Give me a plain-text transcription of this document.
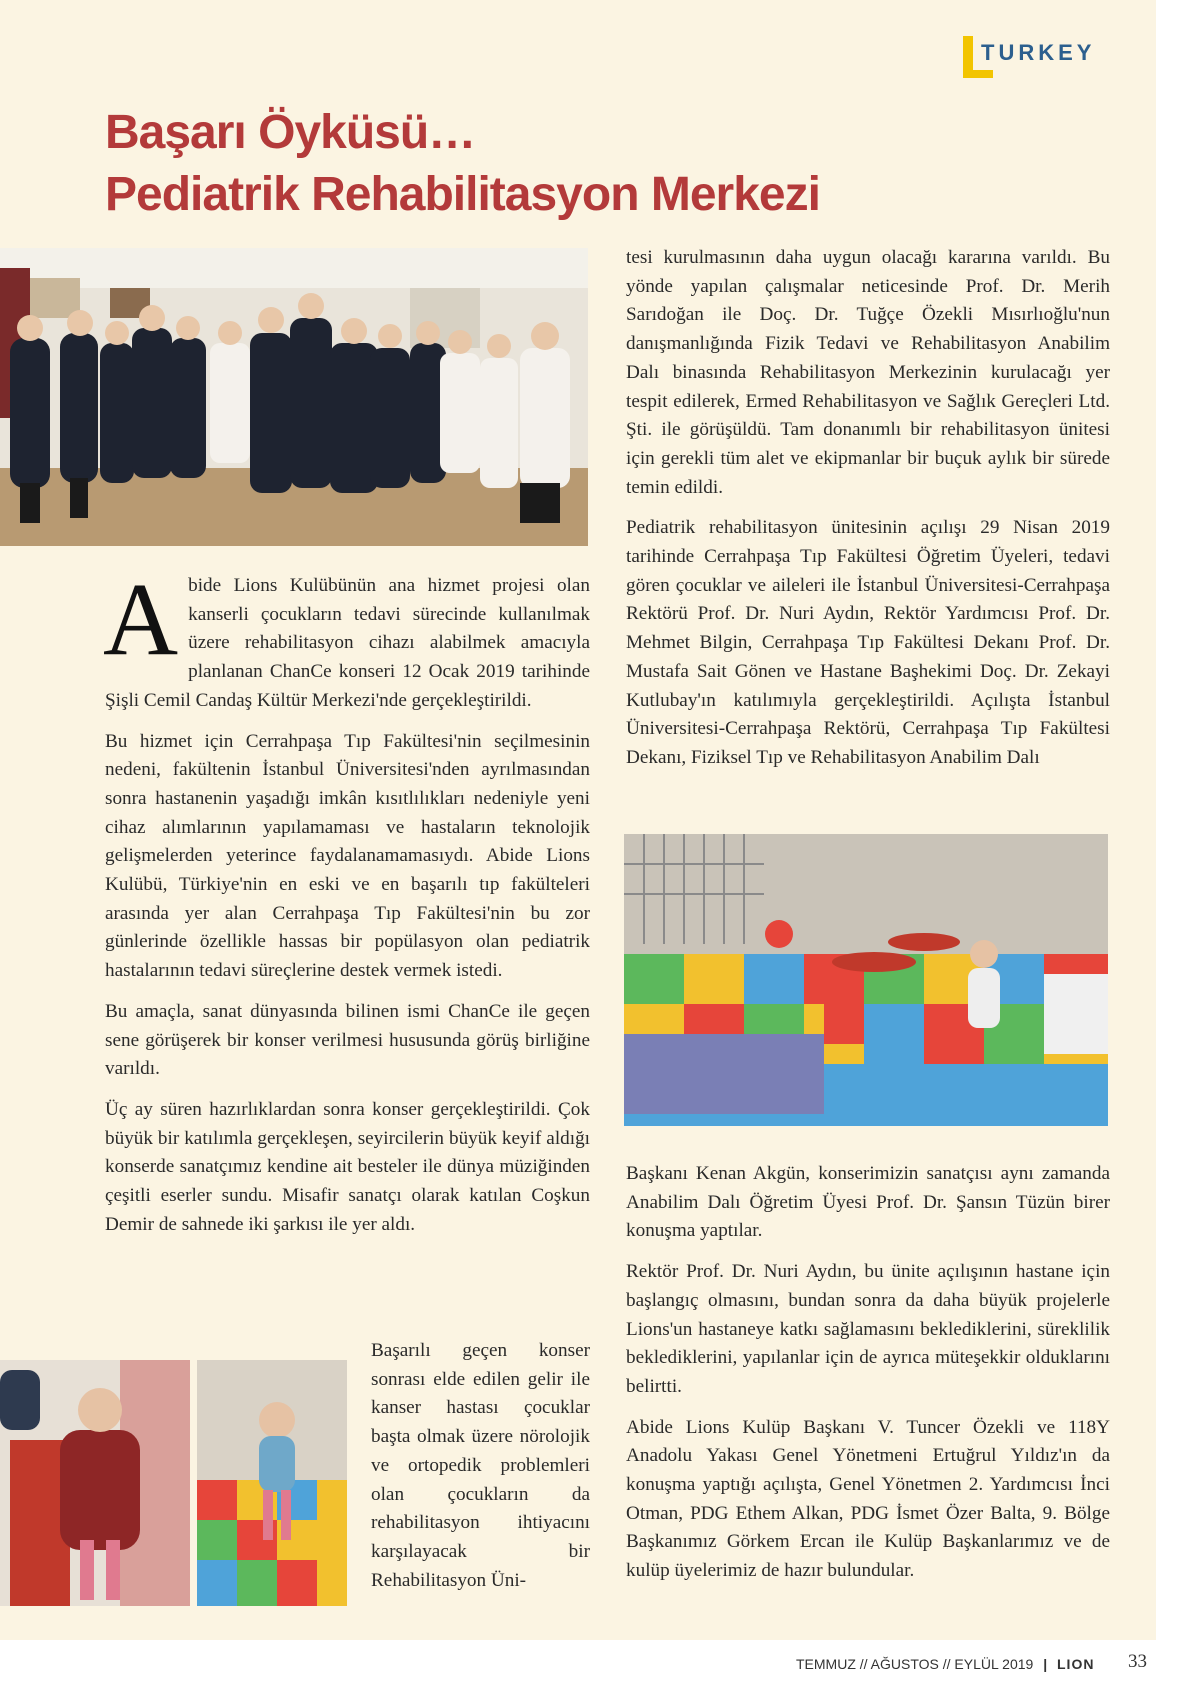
TURKEY
Başarı Öyküsü…
Pediatrik Rehabilitasyon Merkezi

Abide Lions Kulübünün ana hizmet projesi olan kanserli çocukların tedavi sürecinde kullanılmak üzere rehabilitasyon cihazı alabilmek amacıyla planlanan ChanCe konseri 12 Ocak 2019 tarihinde Şişli Cemil Candaş Kültür Merkezi'nde gerçekleştirildi.

Bu hizmet için Cerrahpaşa Tıp Fakültesi'nin seçilmesinin nedeni, fakültenin İstanbul Üniversitesi'nden ayrılmasından sonra hastanenin yaşadığı imkân kısıtlılıkları nedeniyle yeni cihaz alımlarının yapılamaması ve hastaların teknolojik gelişmelerden yeterince faydalanamamasıydı. Abide Lions Kulübü, Türkiye'nin en eski ve en başarılı tıp fakülteleri arasında yer alan Cerrahpaşa Tıp Fakültesi'nin bu zor günlerinde özellikle hassas bir popülasyon olan pediatrik hastalarının tedavi süreçlerine destek vermek istedi.

Bu amaçla, sanat dünyasında bilinen ismi ChanCe ile geçen sene görüşerek bir konser verilmesi hususunda görüş birliğine varıldı.

Üç ay süren hazırlıklardan sonra konser gerçekleştirildi. Çok büyük bir katılımla gerçekleşen, seyircilerin büyük keyif aldığı konserde sanatçımız kendine ait besteler ile dünya müziğinden çeşitli eserler sundu. Misafir sanatçı olarak katılan Coşkun Demir de sahnede iki şarkısı ile yer aldı.

Başarılı geçen konser sonrası elde edilen gelir ile kanser hastası çocuklar başta olmak üzere nörolojik ve ortopedik problemleri olan çocukların da rehabilitasyon ihtiyacını karşılayacak bir Rehabilitasyon Üni-

tesi kurulmasının daha uygun olacağı kararına varıldı. Bu yönde yapılan çalışmalar neticesinde Prof. Dr. Merih Sarıdoğan ile Doç. Dr. Tuğçe Özekli Mısırlıoğlu'nun danışmanlığında Fizik Tedavi ve Rehabilitasyon Anabilim Dalı binasında Rehabilitasyon Merkezinin kurulacağı yer tespit edilerek, Ermed Rehabilitasyon ve Sağlık Gereçleri Ltd. Şti. ile görüşüldü. Tam donanımlı bir rehabilitasyon ünitesi için gerekli tüm alet ve ekipmanlar bir buçuk aylık bir sürede temin edildi.

Pediatrik rehabilitasyon ünitesinin açılışı 29 Nisan 2019 tarihinde Cerrahpaşa Tıp Fakültesi Öğretim Üyeleri, tedavi gören çocuklar ve aileleri ile İstanbul Üniversitesi-Cerrahpaşa Rektörü Prof. Dr. Nuri Aydın, Rektör Yardımcısı Prof. Dr. Mehmet Bilgin, Cerrahpaşa Tıp Fakültesi Dekanı Prof. Dr. Mustafa Sait Gönen ve Hastane Başhekimi Doç. Dr. Zekayi Kutlubay'ın katılımıyla gerçekleştirildi. Açılışta İstanbul Üniversitesi-Cerrahpaşa Rektörü, Cerrahpaşa Tıp Fakültesi Dekanı, Fiziksel Tıp ve Rehabilitasyon Anabilim Dalı

Başkanı Kenan Akgün, konserimizin sanatçısı aynı zamanda Anabilim Dalı Öğretim Üyesi Prof. Dr. Şansın Tüzün birer konuşma yaptılar.

Rektör Prof. Dr. Nuri Aydın, bu ünite açılışının hastane için başlangıç olmasını, bundan sonra da daha büyük projelerle Lions'un hastaneye katkı sağlamasını beklediklerini, süreklilik beklediklerini, yapılanlar için de ayrıca müteşekkir olduklarını belirtti.

Abide Lions Kulüp Başkanı V. Tuncer Özekli ve 118Y Anadolu Yakası Genel Yönetmeni Ertuğrul Yıldız'ın da konuşma yaptığı açılışta, Genel Yönetmen 2. Yardımcısı İnci Otman, PDG Ethem Alkan, PDG İsmet Özer Balta, 9. Bölge Başkanımız Görkem Ercan ile Kulüp Başkanlarımız ve de kulüp üyelerimiz de hazır bulundular.

TEMMUZ // AĞUSTOS // EYLÜL 2019 | LION 33
